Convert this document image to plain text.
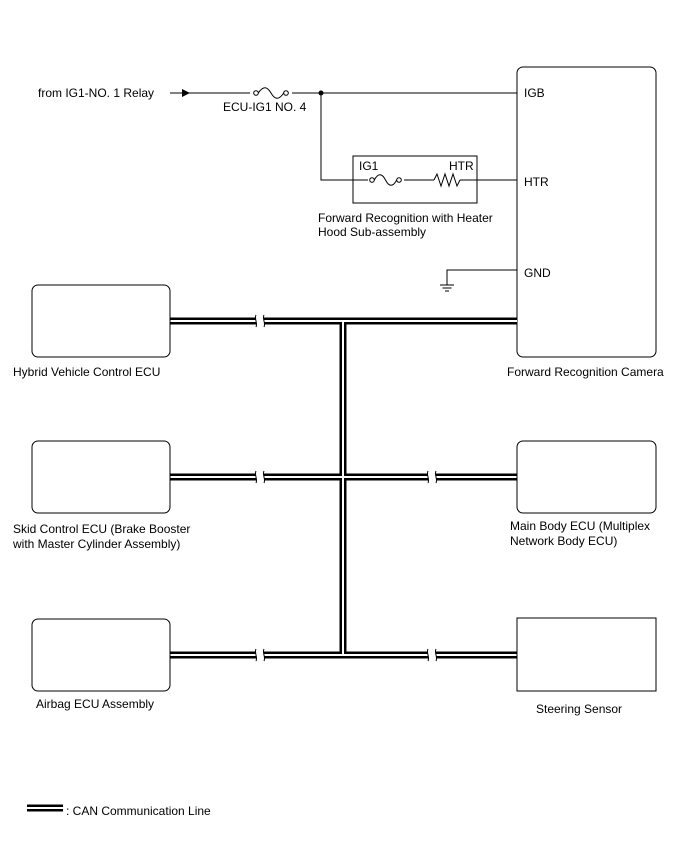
from IG1-NO. 1 Relay
ECU-IG1 NO. 4
IG1	HTR
Forward Recognition with Heater
Hood Sub-assembly
IGB
HTR
GND
Forward Recognition Camera
Hybrid Vehicle Control ECU
Skid Control ECU (Brake Booster
with Master Cylinder Assembly)
Airbag ECU Assembly
Main Body ECU (Multiplex
Network Body ECU)
Steering Sensor
: CAN Communication Line
